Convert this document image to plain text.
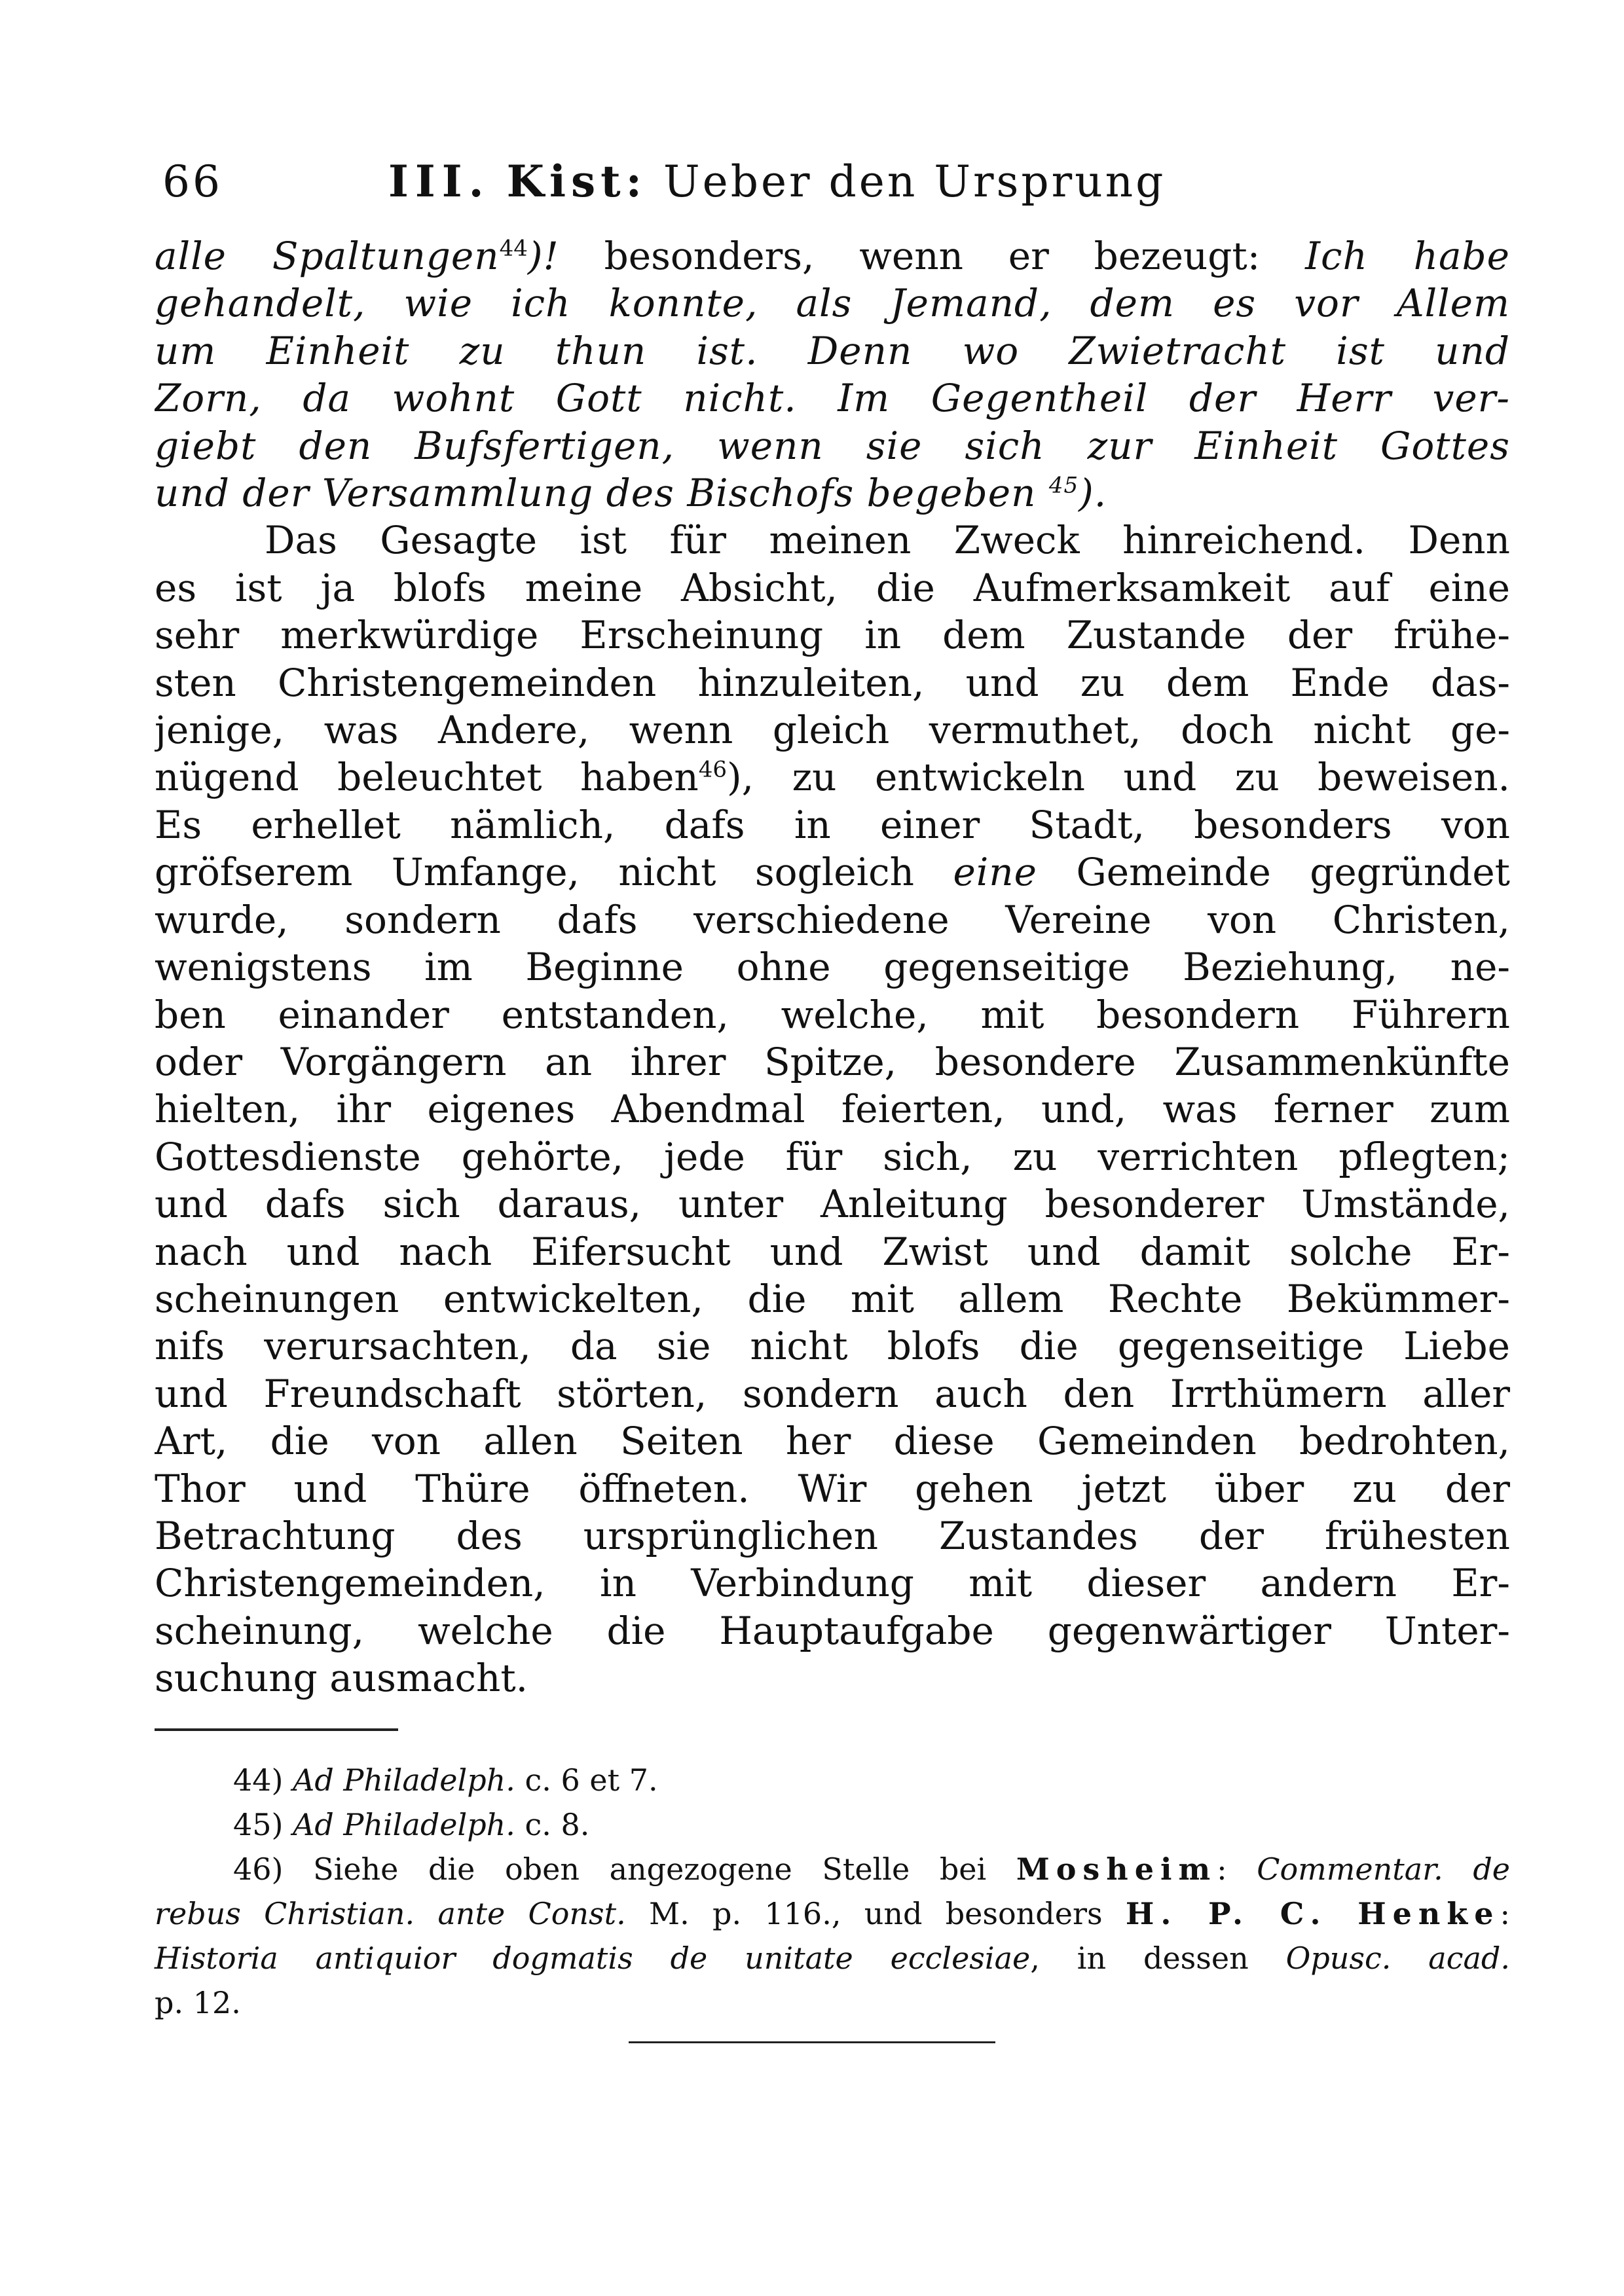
66	III. Kist: Ueber den Ursprung
alle Spaltungen$^{44}$)! besonders, wenn er bezeugt: Ich habe
gehandelt, wie ich konnte, als Jemand, dem es vor Allem
um Einheit zu thun ist. Denn wo Zwietracht ist und
Zorn, da wohnt Gott nicht. Im Gegentheil der Herr ver-
giebt den Bufsfertigen, wenn sie sich zur Einheit Gottes
und der Versammlung des Bischofs begeben $^{45}$).
Das Gesagte ist für meinen Zweck hinreichend. Denn
es ist ja blofs meine Absicht, die Aufmerksamkeit auf eine
sehr merkwürdige Erscheinung in dem Zustande der frühe-
sten Christengemeinden hinzuleiten, und zu dem Ende das-
jenige, was Andere, wenn gleich vermuthet, doch nicht ge-
nügend beleuchtet haben$^{46}$), zu entwickeln und zu beweisen.
Es erhellet nämlich, dafs in einer Stadt, besonders von
gröfserem Umfange, nicht sogleich eine Gemeinde gegründet
wurde, sondern dafs verschiedene Vereine von Christen,
wenigstens im Beginne ohne gegenseitige Beziehung, ne-
ben einander entstanden, welche, mit besondern Führern
oder Vorgängern an ihrer Spitze, besondere Zusammenkünfte
hielten, ihr eigenes Abendmal feierten, und, was ferner zum
Gottesdienste gehörte, jede für sich, zu verrichten pflegten;
und dafs sich daraus, unter Anleitung besonderer Umstände,
nach und nach Eifersucht und Zwist und damit solche Er-
scheinungen entwickelten, die mit allem Rechte Bekümmer-
nifs verursachten, da sie nicht blofs die gegenseitige Liebe
und Freundschaft störten, sondern auch den Irrthümern aller
Art, die von allen Seiten her diese Gemeinden bedrohten,
Thor und Thüre öffneten. Wir gehen jetzt über zu der
Betrachtung des ursprünglichen Zustandes der frühesten
Christengemeinden, in Verbindung mit dieser andern Er-
scheinung, welche die Hauptaufgabe gegenwärtiger Unter-
suchung ausmacht.
44) Ad Philadelph. c. 6 et 7.
45) Ad Philadelph. c. 8.
46) Siehe die oben angezogene Stelle bei Mosheim: Commentar. de
rebus Christian. ante Const. M. p. 116., und besonders H. P. C. Henke:
Historia antiquior dogmatis de unitate ecclesiae, in dessen Opusc. acad.
p. 12.
